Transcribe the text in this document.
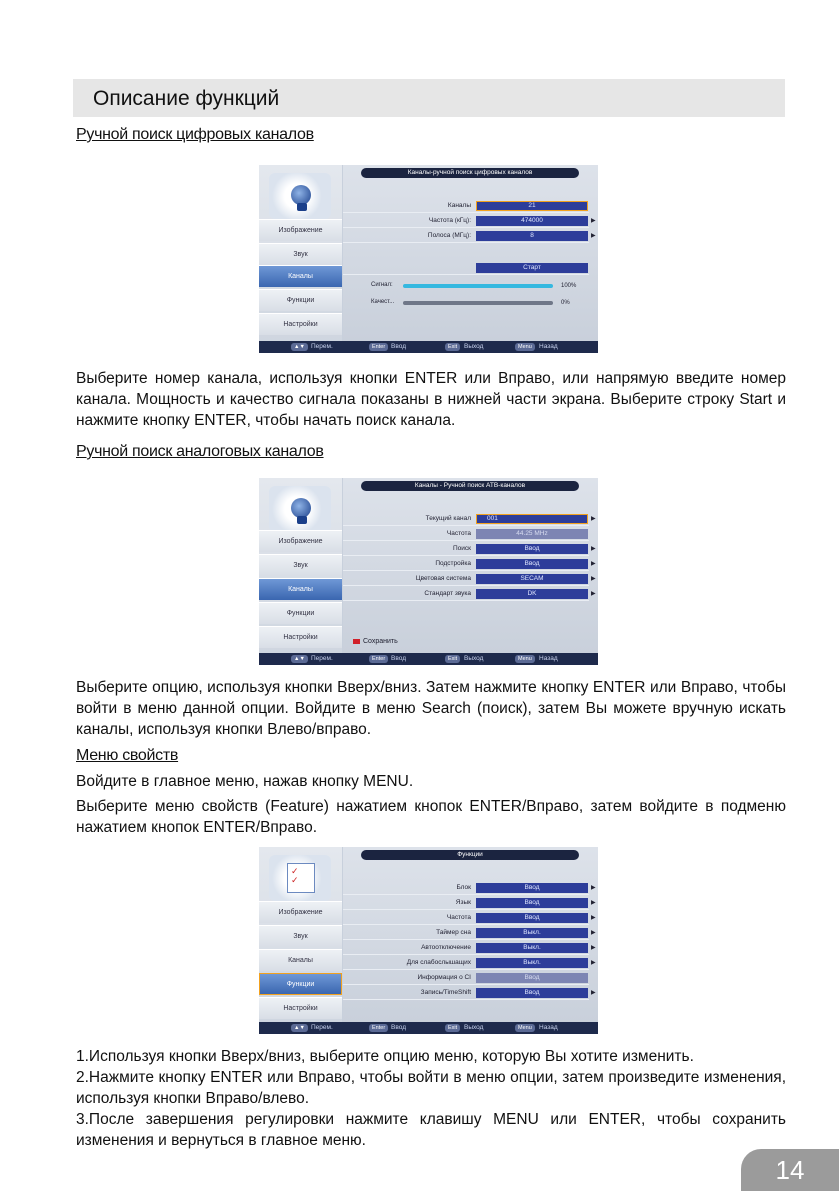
Описание функций
Ручной поиск цифровых каналов
Изображение
Звук
Каналы
Функции
Настройки
Каналы-ручной поиск цифровых каналов
Каналы	21
Частота (кГц):	474000	▶
Полоса (МГц):	8	▶
Старт
Сигнал:	100%
Качест...	0%
▲▼ Перем.	Enter Ввод	Exit	Выход	Menu	Назад

Выберите номер канала, используя кнопки ENTER или Вправо, или напрямую введите номер канала. Мощность и качество сигнала показаны в нижней части экрана. Выберите строку Start и нажмите кнопку ENTER, чтобы начать поиск канала.

Ручной поиск аналоговых каналов
Изображение
Звук
Каналы
Функции
Настройки
Каналы - Ручной поиск АТВ-каналов
Текущий канал	001	▶
Частота	44.25 MHz
Поиск	Ввод	▶
Подстройка	Ввод	▶
Цветовая система	SECAM	▶
Стандарт звука	DK	▶
Сохранить
▲▼ Перем.	Enter Ввод	Exit	Выход	Menu	Назад

Выберите опцию, используя кнопки Вверх/вниз. Затем нажмите кнопку ENTER или Вправо, чтобы войти в меню данной опции. Войдите в меню Search (поиск), затем Вы можете вручную искать каналы, используя кнопки Влево/вправо.

Меню свойств
Войдите в главное меню, нажав кнопку MENU.

Выберите меню свойств (Feature) нажатием кнопок ENTER/Вправо, затем войдите в подменю нажатием кнопок ENTER/Вправо.

✓
✓
Изображение
Звук
Каналы
Функции
Настройки
Функции
Блок	Ввод	▶
Язык	Ввод	▶
Частота	Ввод	▶
Таймер сна	Выкл.	▶
Автоотключение	Выкл.	▶
Для слабослышащих	Выкл.	▶
Информация о CI	Ввод
Запись/TimeShift	Ввод	▶
▲▼ Перем.	Enter Ввод	Exit	Выход	Menu	Назад

1.Используя кнопки Вверх/вниз, выберите опцию меню, которую Вы хотите изменить.

2.Нажмите кнопку ENTER или Вправо, чтобы войти в меню опции, затем произведите изменения, используя кнопки Вправо/влево.

3.После завершения регулировки нажмите клавишу MENU или ENTER, чтобы сохранить изменения и вернуться в главное меню.

14
